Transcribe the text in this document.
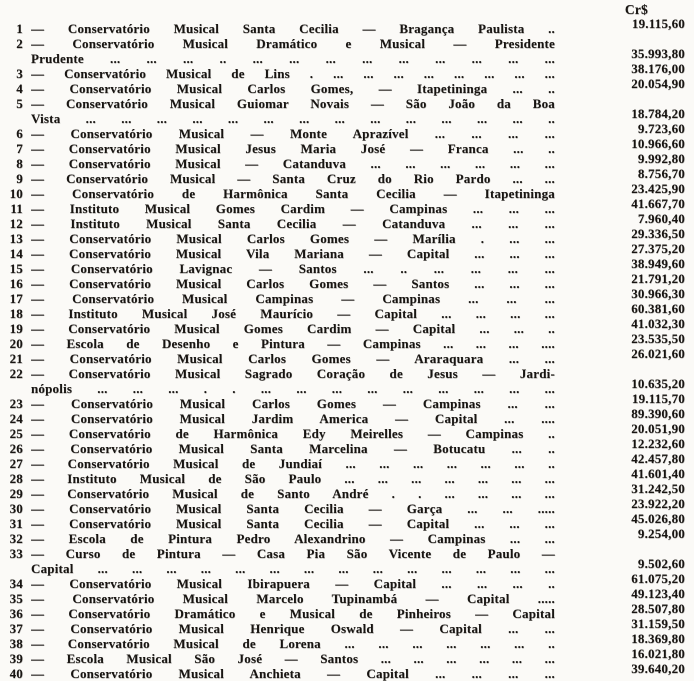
Cr$
1 — Conservatório Musical Santa Cecilia — Bragança Paulista ..	19.115,60
2 — Conservatório Musical Dramático e Musical — Presidente
Prudente ... ... ... .. ... ... ... ... ... ... ... ... ...	35.993,80
3 — Conservatório Musical de Lins . ... ... ... ... ... ... ... ...	38.176,00
4 — Conservatório Musical Carlos Gomes, — Itapetininga ... ..	20.054,90
5 — Conservatório Musical Guiomar Novais — São João da Boa
Vista ... ... ... ... ... ... ... ... ... ... ... ... ... ..	18.784,20
6 — Conservatório Musical — Monte Aprazível ... ... ... ...	9.723,60
7 — Conservatório Musical Jesus Maria José — Franca ... ..	10.966,60
8 — Conservatório Musical — Catanduva ... ... ... ... ... ...	9.992,80
9 — Conservatório Musical — Santa Cruz do Rio Pardo ... ...	8.756,70
10 — Conservatório de Harmônica Santa Cecilia — Itapetininga	23.425,90
11 — Instituto Musical Gomes Cardim — Campinas ... ... ...	41.667,70
12 — Instituto Musical Santa Cecilia — Catanduva ... ... ...	7.960,40
13 — Conservatório Musical Carlos Gomes — Marília . ... ...	29.336,50
14 — Conservatório Musical Vila Mariana — Capital ... ... ...	27.375,20
15 — Conservatório Lavignac — Santos ... .. ... ... ... ...	38.949,60
16 — Conservatório Musical Carlos Gomes — Santos ... ... ...	21.791,20
17 — Conservatório Musical Campinas — Campinas ... ... ...	30.966,30
18 — Instituto Musical José Maurício — Capital ... ... ... ...	60.381,60
19 — Conservatório Musical Gomes Cardim — Capital ... ... ..	41.032,30
20 — Escola de Desenho e Pintura — Campinas ... ... ... ....	23.535,50
21 — Conservatório Musical Carlos Gomes — Araraquara ... ...	26.021,60
22 — Conservatório Musical Sagrado Coração de Jesus — Jardi-
nópolis ... ... ... . . ... ... ... ... ... ... ... ... ...	10.635,20
23 — Conservatório Musical Carlos Gomes — Campinas ... ...	19.115,70
24 — Conservatório Musical Jardim America — Capital ... ....	89.390,60
25 — Conservatório de Harmônica Edy Meirelles — Campinas ..	20.051,90
26 — Conservatório Musical Santa Marcelina — Botucatu ... ..	12.232,60
27 — Conservatório Musical de Jundiaí ... ... ... ... ... ... ..	42.457,80
28 — Instituto Musical de São Paulo ... ... ... ... ... ... ...	41.601,40
29 — Conservatório Musical de Santo André . . ... ... ... ...	31.242,50
30 — Conservatório Musical Santa Cecilia — Garça ... ... .....	23.922,20
31 — Conservatório Musical Santa Cecilia — Capital ... ... ...	45.026,80
32 — Escola de Pintura Pedro Alexandrino — Campinas ... ...	9.254,00
33 — Curso de Pintura — Casa Pia São Vicente de Paulo —
Capital ... ... ... ... ... ... ... ... ... ... ... ... ... ...	9.502,60
34 — Conservatório Musical Ibirapuera — Capital ... ... ... ..	61.075,20
35 — Conservatório Musical Marcelo Tupinambá — Capital .....	49.123,40
36 — Conservatório Dramático e Musical de Pinheiros — Capital	28.507,80
37 — Conservatório Musical Henrique Oswald — Capital ... ...	31.159,50
38 — Conservatório Musical de Lorena ... ... ... ... ... ... ..	18.369,80
39 — Escola Musical São José — Santos ... ... ... ... ... ...	16.021,80
40 — Conservatório Musical Anchieta — Capital ... ... ... ...	39.640,20
